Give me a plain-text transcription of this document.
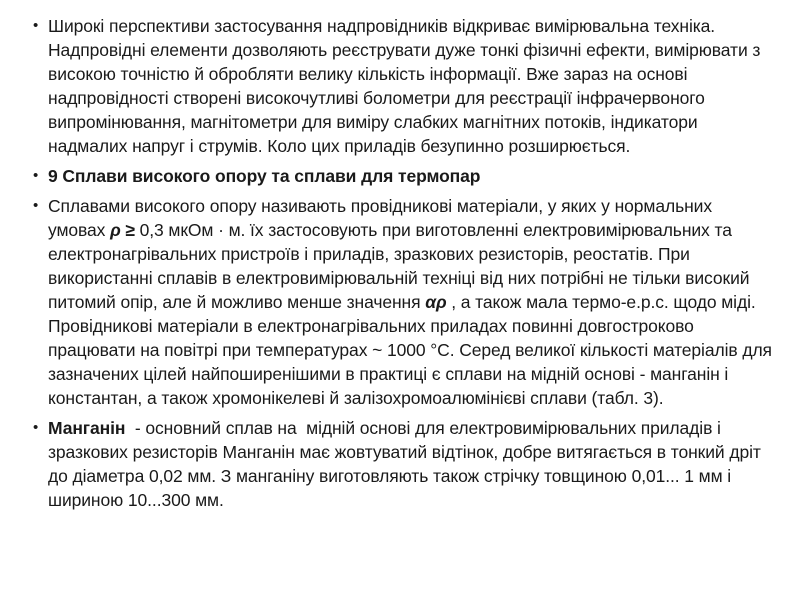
• Широкі перспективи застосування надпровідників відкриває вимірювальна техніка. Надпровідні елементи дозволяють реєструвати дуже тонкі фізичні ефекти, вимірювати з високою точністю й обробляти велику кількість інформації. Вже зараз на основі надпровідності створені високочутливі болометри для реєстрації інфрачервоного випромінювання, магнітометри для виміру слабких магнітних потоків, індикатори надмалих напруг і струмів. Коло цих приладів безупинно розширюється.
• 9 Сплави високого опору та сплави для термопар
• Сплавами високого опору називають провідникові матеріали, у яких у нормальних умовах ρ ≥ 0,3 мкОм · м. їх застосовують при виготовленні електровимірювальних та електронагрівальних пристроїв і приладів, зразкових резисторів, реостатів. При використанні сплавів в електровимірювальній техніці від них потрібні не тільки високий питомий опір, але й можливо менше значення αρ , а також мала термо-е.р.с. щодо міді. Провідникові матеріали в електронагрівальних приладах повинні довгостроково працювати на повітрі при температурах ~ 1000 °С. Серед великої кількості матеріалів для зазначених цілей найпоширенішими в практиці є сплави на мідній основі - манганін і константан, а також хромонікелеві й залізохромоалюмінієві сплави (табл. 3).
• Манганін  - основний сплав на  мідній основі для електровимірювальних приладів і зразкових резисторів Манганін має жовтуватий відтінок, добре витягається в тонкий дріт до діаметра 0,02 мм. З манганіну виготовляють також стрічку товщиною 0,01... 1 мм і шириною 10...300 мм.
